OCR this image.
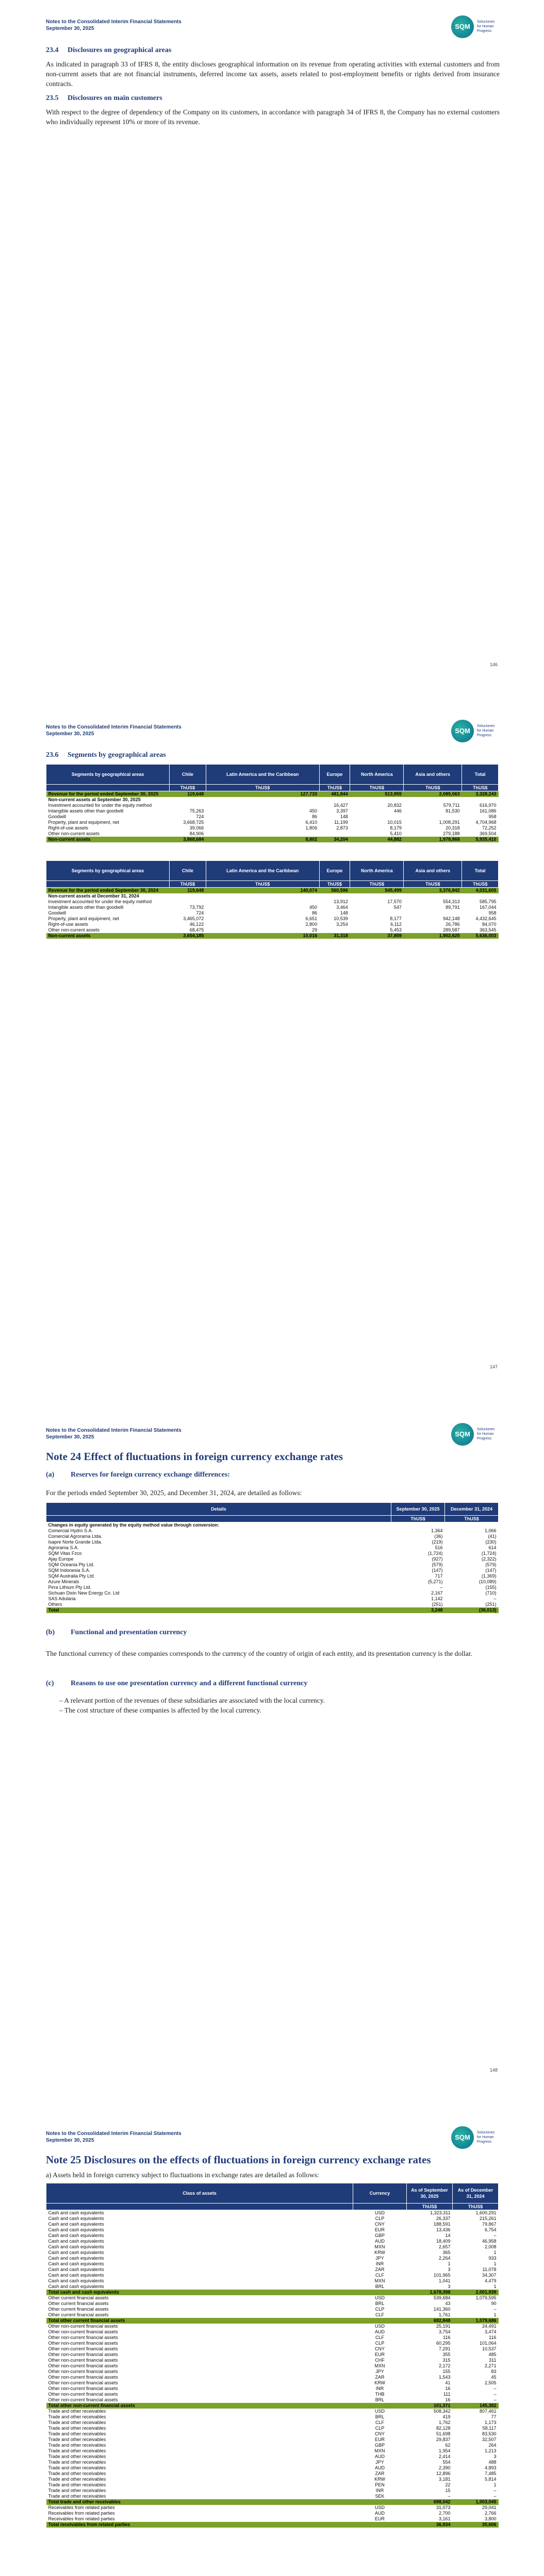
Notes to the Consolidated Interim Financial Statements
September 30, 2025	SQM
Soluciones
for Human
Progress
23.4 Disclosures on geographical areas
As indicated in paragraph 33 of IFRS 8, the entity discloses geographical information on its revenue from operating activities with external customers and from non-current assets that are not financial instruments, deferred income tax assets, assets related to post-employment benefits or rights derived from insurance contracts.
23.5 Disclosures on main customers
With respect to the degree of dependency of the Company on its customers, in accordance with paragraph 34 of IFRS 8, the Company has no external customers who individually represent 10% or more of its revenue.
146
Notes to the Consolidated Interim Financial Statements
September 30, 2025	SQM
Soluciones
for Human
Progress
23.6 Segments by geographical areas
Segments by geographical areas	Chile	Latin America and the Caribbean	Europe	North America	Asia and others	Total
	ThUS$	ThUS$	ThUS$	ThUS$	ThUS$	ThUS$
Revenue for the period ended September 30, 2025	119,648	127,733	481,844	513,955	2,085,063	3,328,243
Non-current assets at September 30, 2025						
Investment accounted for under the equity method			16,427	20,832	579,711	616,970
Intangible assets other than goodwill	75,263	450	3,397	446	81,530	161,086
Goodwill	724	86	148			958
Property, plant and equipment, net	3,668,725	6,410	11,199	10,015	1,008,291	4,704,968
Right-of-use assets	39,066	1,806	2,873	8,179	20,318	72,252
Other non-current assets	84,906			5,410	279,188	369,504
Non-current assets	3,868,684	8,802	34,204	44,882	1,978,868	5,935,410
Segments by geographical areas	Chile	Latin America and the Caribbean	Europe	North America	Asia and others	Total
	ThUS$	ThUS$	ThUS$	ThUS$	ThUS$	ThUS$
Revenue for the period ended September 30, 2024	119,648	140,074	560,596	545,499	3,376,842	4,031,605
Non-current assets at December 31, 2024						
Investment accounted for under the equity method			13,912	17,570	554,313	585,795
Intangible assets other than goodwill	73,792	450	3,464	547	89,791	167,044
Goodwill	724	86	148			958
Property, plant and equipment, net	3,465,072	6,651	10,539	8,177	942,148	4,432,645
Right-of-use assets	46,122	2,800	3,254	6,112	26,786	84,070
Other non-current assets	68,475	29		5,453	289,587	363,545
Non-current assets	3,654,185	10,016	31,318	37,859	1,902,625	5,636,003
147
Notes to the Consolidated Interim Financial Statements
September 30, 2025	SQM
Soluciones
for Human
Progress
Note 24 Effect of fluctuations in foreign currency exchange rates
(a) Reserves for foreign currency exchange differences:
For the periods ended September 30, 2025, and December 31, 2024, are detailed as follows:
Details	September 30, 2025	December 31, 2024
	ThUS$	ThUS$
Changes in equity generated by the equity method value through conversion:		
Comercial Hydro S.A.	1,364	1,066
Comercial Agrorama Ltda.	(36)	(41)
Isapre Norte Grande Ltda.	(219)	(230)
Agrorama S.A.	516	614
SQM Vitas Fzco	(1,724)	(1,724)
Ajay Europe	(927)	(2,322)
SQM Oceania Pty Ltd.	(579)	(579)
SQM Indonesia S.A.	(147)	(147)
SQM Australia Pty Ltd.	717	(1,369)
Azure Minerals	(5,271)	(10,089)
Pirra Lithium Pty Ltd.	–	(155)
Sichuan Dixin New Energy Co. Ltd	2,167	(710)
SAS Adularia	1,142	–
Others	(251)	(251)
Total	3,248	(36,013)
(b) Functional and presentation currency
The functional currency of these companies corresponds to the currency of the country of origin of each entity, and its presentation currency is the dollar.
(c) Reasons to use one presentation currency and a different functional currency
– A relevant portion of the revenues of these subsidiaries are associated with the local currency.
– The cost structure of these companies is affected by the local currency.
148
Notes to the Consolidated Interim Financial Statements
September 30, 2025	SQM
Soluciones
for Human
Progress
Note 25 Disclosures on the effects of fluctuations in foreign currency exchange rates
a) Assets held in foreign currency subject to fluctuations in exchange rates are detailed as follows:
Class of assets	Currency	As of September 30, 2025	As of December 31, 2024
		ThUS$	ThUS$
Cash and cash equivalents	USD	1,323,311	1,600,291
Cash and cash equivalents	CLP	26,337	215,261
Cash and cash equivalents	CNY	188,591	79,867
Cash and cash equivalents	EUR	13,436	6,754
Cash and cash equivalents	GBP	14	–
Cash and cash equivalents	AUD	18,409	46,958
Cash and cash equivalents	MXN	2,657	2,008
Cash and cash equivalents	KRW	365	1
Cash and cash equivalents	JPY	2,264	933
Cash and cash equivalents	INR	1	1
Cash and cash equivalents	ZAR	3	11,078
Cash and cash equivalents	CLF	101,965	34,307
Cash and cash equivalents	MXN	1,041	4,479
Cash and cash equivalents	BRL	3	1
Total cash and cash equivalents		1,678,398	2,001,939
Other current financial assets	USD	539,684	1,079,595
Other current financial assets	BRL	43	90
Other current financial assets	CLP	141,360	–
Other current financial assets	CLF	1,761	1
Total other current financial assets		682,848	1,079,686
Other non-current financial assets	USD	25,191	24,491
Other non-current financial assets	AUD	3,754	3,474
Other non-current financial assets	CLF	116	116
Other non-current financial assets	CLP	60,295	101,064
Other non-current financial assets	CNY	7,291	10,537
Other non-current financial assets	EUR	355	485
Other non-current financial assets	CHF	315	311
Other non-current financial assets	MXN	2,172	2,271
Other non-current financial assets	JPY	155	83
Other non-current financial assets	ZAR	1,543	45
Other non-current financial assets	KRW	41	2,505
Other non-current financial assets	INR	16	–
Other non-current financial assets	THB	111	–
Other non-current financial assets	BRL	16	–
Total other non-current financial assets		101,371	145,382
Trade and other receivables	USD	508,342	807,461
Trade and other receivables	BRL	419	77
Trade and other receivables	CLF	1,762	1,173
Trade and other receivables	CLP	82,128	58,117
Trade and other receivables	CNY	51,698	83,530
Trade and other receivables	EUR	29,837	32,507
Trade and other receivables	GBP	62	264
Trade and other receivables	MXN	1,954	1,213
Trade and other receivables	AUD	2,414	3
Trade and other receivables	JPY	554	488
Trade and other receivables	AUD	2,390	4,893
Trade and other receivables	ZAR	12,896	7,485
Trade and other receivables	KRW	3,181	5,814
Trade and other receivables	PEN	22	1
Trade and other receivables	INR	15	–
Trade and other receivables	SEK	–	–
Total trade and other receivables		698,042	1,003,045
Receivables from related parties	USD	31,073	29,041
Receivables from related parties	AUD	2,700	2,766
Receivables from related parties	EUR	3,161	3,800
Total receivables from related parties		36,934	35,606
